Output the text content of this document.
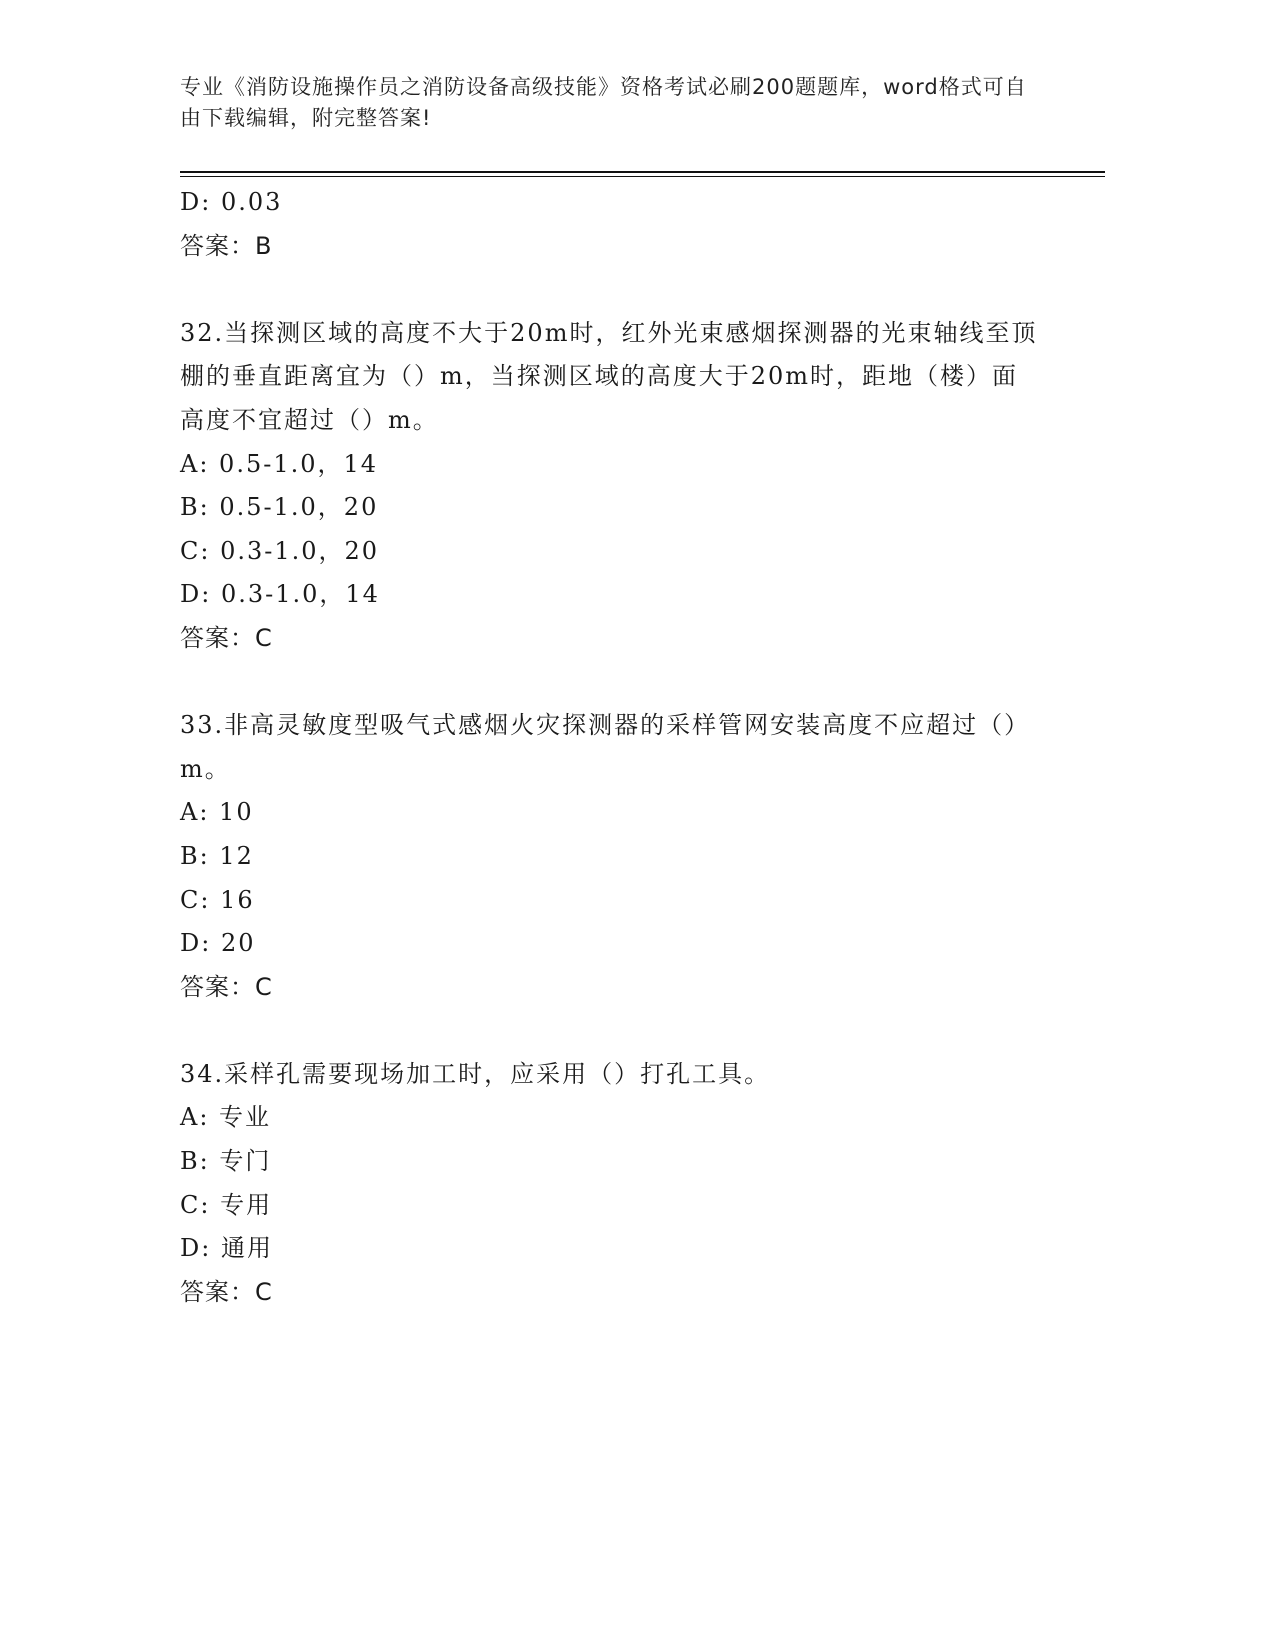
专业《消防设施操作员之消防设备高级技能》资格考试必刷200题题库，word格式可自由下载编辑，附完整答案!
D: 0.03
答案：B
32.当探测区域的高度不大于20m时，红外光束感烟探测器的光束轴线至顶棚的垂直距离宜为（）m，当探测区域的高度大于20m时，距地（楼）面高度不宜超过（）m。
A: 0.5-1.0，14
B: 0.5-1.0，20
C: 0.3-1.0，20
D: 0.3-1.0，14
答案：C
33.非高灵敏度型吸气式感烟火灾探测器的采样管网安装高度不应超过（）m。
A: 10
B: 12
C: 16
D: 20
答案：C
34.采样孔需要现场加工时，应采用（）打孔工具。
A: 专业
B: 专门
C: 专用
D: 通用
答案：C
